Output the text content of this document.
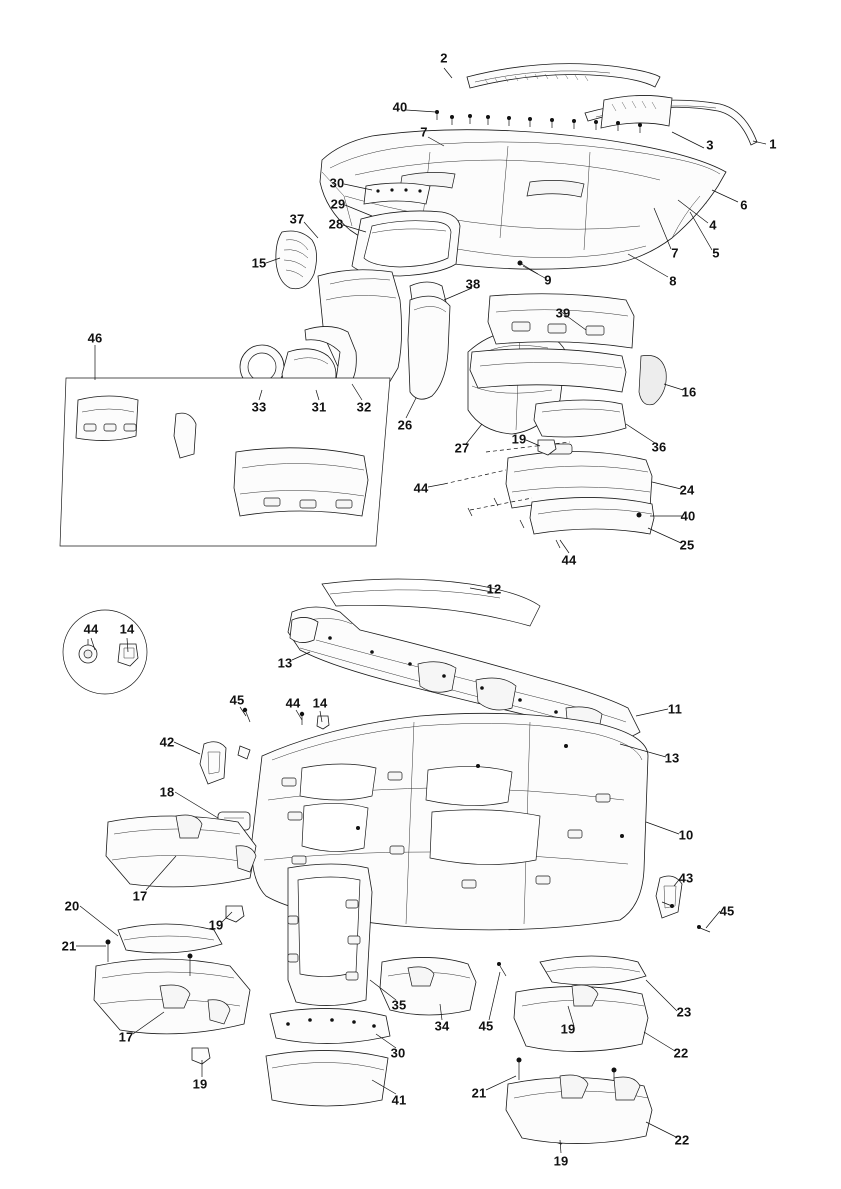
2
40
1
7
3
6
30
4
29
5
37 28
7
15
9	8
38
39
46
16
33	31 32
26
36
27
19
24
44
40
25
44
12
44 14
13
45	44 14	11
42
13
18
10
17
43
20
19
45
21
35
34 45
23
17
30
19
22
19
21
41
22
19
